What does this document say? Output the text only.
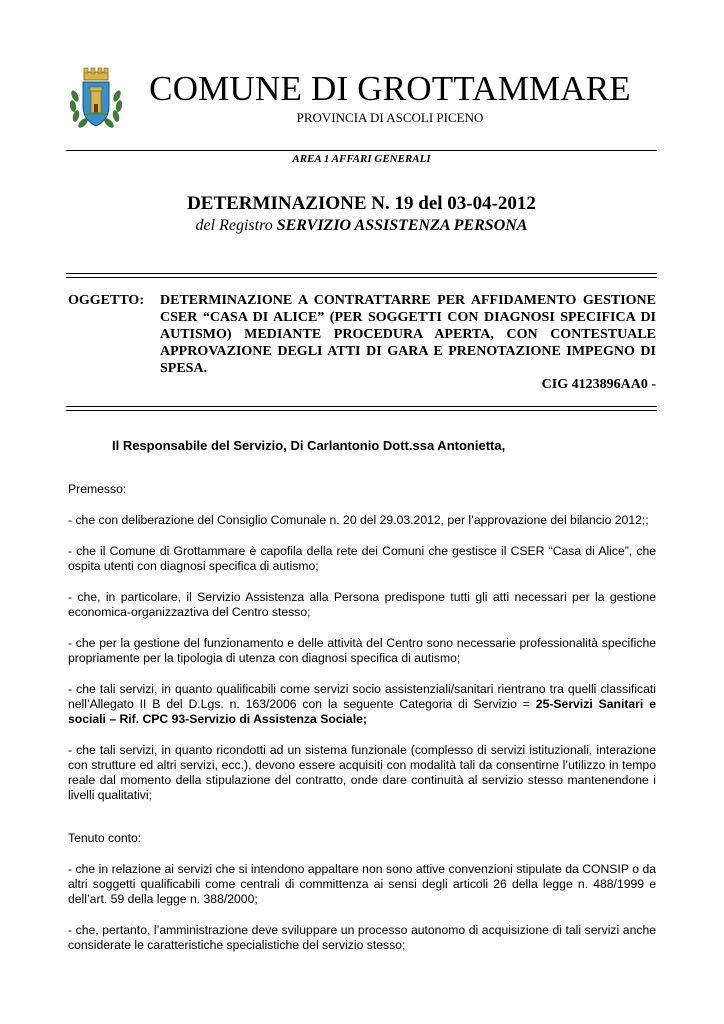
COMUNE DI GROTTAMMARE
PROVINCIA DI ASCOLI PICENO
AREA 1 AFFARI GENERALI
DETERMINAZIONE N. 19 del 03-04-2012
del Registro SERVIZIO ASSISTENZA PERSONA
OGGETTO: DETERMINAZIONE A CONTRATTARRE PER AFFIDAMENTO GESTIONE CSER “CASA DI ALICE” (PER SOGGETTI CON DIAGNOSI SPECIFICA DI AUTISMO) MEDIANTE PROCEDURA APERTA, CON CONTESTUALE APPROVAZIONE DEGLI ATTI DI GARA E PRENOTAZIONE IMPEGNO DI SPESA.
CIG 4123896AA0 -

Il Responsabile del Servizio, Di Carlantonio Dott.ssa Antonietta,

Premesso:

- che con deliberazione del Consiglio Comunale n. 20 del 29.03.2012, per l’approvazione del bilancio 2012;;

- che il Comune di Grottammare è capofila della rete dei Comuni che gestisce il CSER “Casa di Alice”, che ospita utenti con diagnosi specifica di autismo;

- che, in particolare, il Servizio Assistenza alla Persona predispone tutti gli atti necessari per la gestione economica-organizzaztiva del Centro stesso;

- che per la gestione del funzionamento e delle attività del Centro sono necessarie professionalità specifiche propriamente per la tipologia di utenza con diagnosi specifica di autismo;

- che tali servizi, in quanto qualificabili come servizi socio assistenziali/sanitari rientrano tra quelli classificati nell’Allegato II B del D.Lgs. n. 163/2006 con la seguente Categoria di Servizio = 25-Servizi Sanitari e sociali – Rif. CPC 93-Servizio di Assistenza Sociale;

- che tali servizi, in quanto ricondotti ad un sistema funzionale (complesso di servizi istituzionali, interazione con strutture ed altri servizi, ecc.), devono essere acquisiti con modalità tali da consentirne l’utilizzo in tempo reale dal momento della stipulazione del contratto, onde dare continuità al servizio stesso mantenendone i livelli qualitativi;

Tenuto conto:

- che in relazione ai servizi che si intendono appaltare non sono attive convenzioni stipulate da CONSIP o da altri soggetti qualificabili come centrali di committenza ai sensi degli articoli 26 della legge n. 488/1999 e dell’art. 59 della legge n. 388/2000;

- che, pertanto, l’amministrazione deve sviluppare un processo autonomo di acquisizione di tali servizi anche considerate le caratteristiche specialistiche del servizio stesso;
